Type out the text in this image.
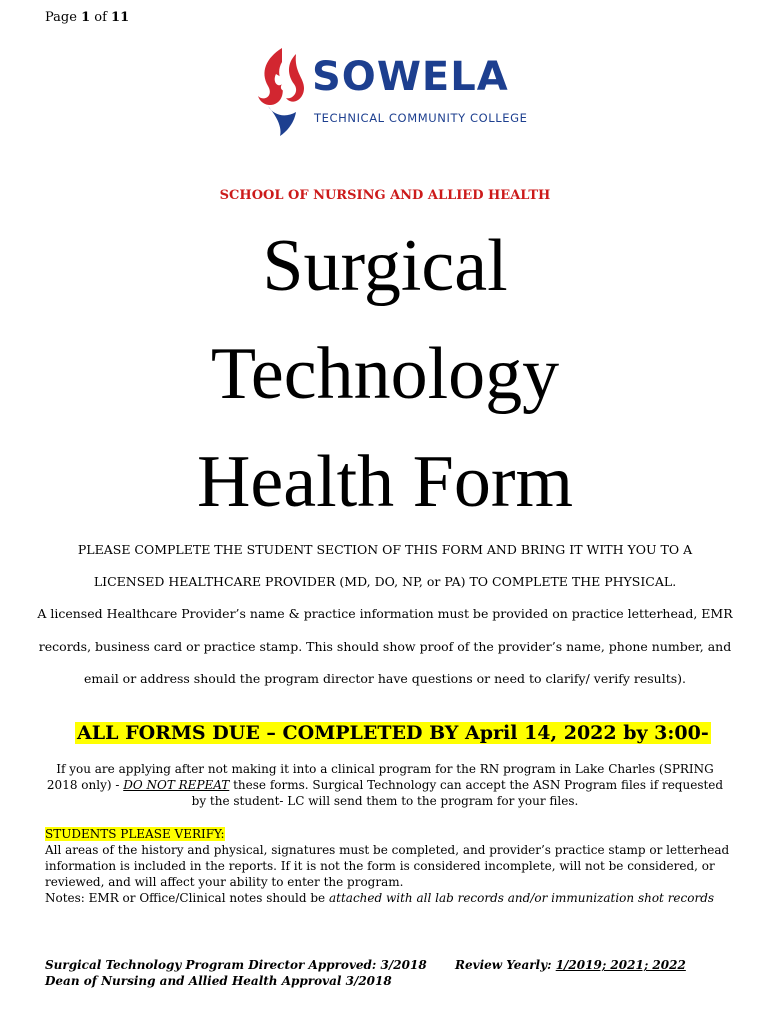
Page 1 of 11
SOWELA
TECHNICAL COMMUNITY COLLEGE
SCHOOL OF NURSING AND ALLIED HEALTH
Surgical
Technology
Health Form
PLEASE COMPLETE THE STUDENT SECTION OF THIS FORM AND BRING IT WITH YOU TO A
LICENSED HEALTHCARE PROVIDER (MD, DO, NP, or PA) TO COMPLETE THE PHYSICAL.
A licensed Healthcare Provider’s name & practice information must be provided on practice letterhead, EMR
records, business card or practice stamp. This should show proof of the provider’s name, phone number, and
email or address should the program director have questions or need to clarify/ verify results).
ALL FORMS DUE – COMPLETED BY April 14, 2022 by 3:00-
If you are applying after not making it into a clinical program for the RN program in Lake Charles (SPRING 2018 only) - DO NOT REPEAT these forms. Surgical Technology can accept the ASN Program files if requested by the student- LC will send them to the program for your files.
STUDENTS PLEASE VERIFY:
All areas of the history and physical, signatures must be completed, and provider’s practice stamp or letterhead information is included in the reports. If it is not the form is considered incomplete, will not be considered, or reviewed, and will affect your ability to enter the program.
Notes: EMR or Office/Clinical notes should be attached with all lab records and/or immunization shot records
Surgical Technology Program Director Approved: 3/2018 Review Yearly: 1/2019; 2021; 2022
Dean of Nursing and Allied Health Approval 3/2018
